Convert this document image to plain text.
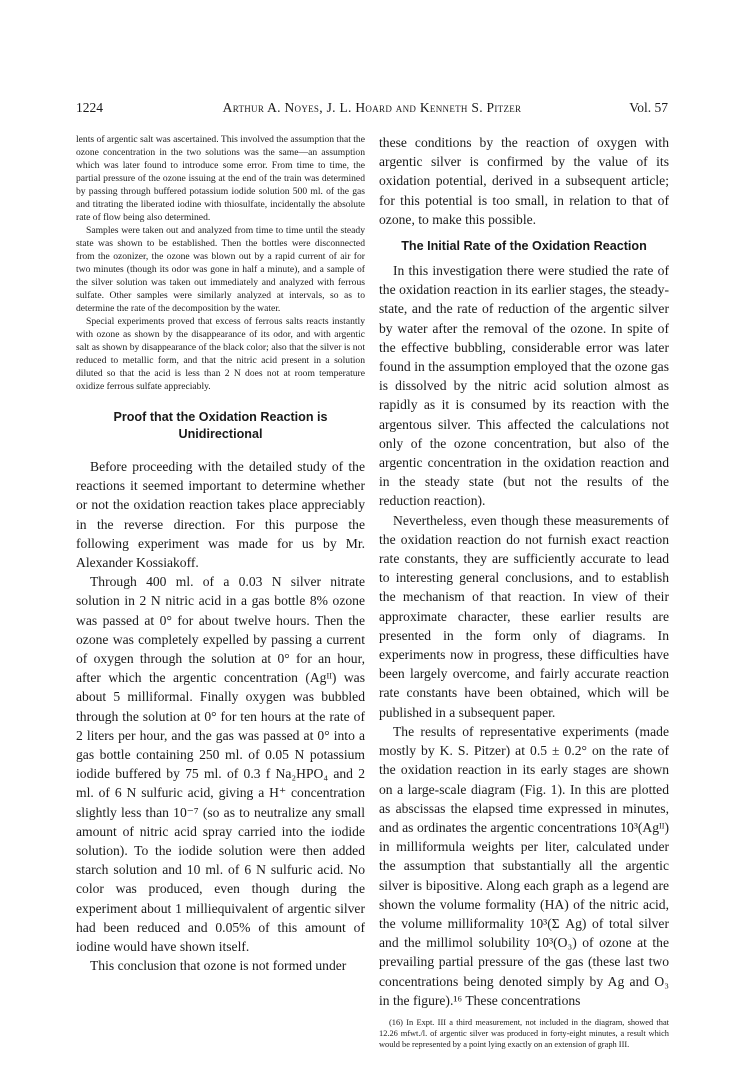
1224	Arthur A. Noyes, J. L. Hoard and Kenneth S. Pitzer	Vol. 57

lents of argentic salt was ascertained. This involved the assumption that the ozone concentration in the two solutions was the same—an assumption which was later found to introduce some error. From time to time, the partial pressure of the ozone issuing at the end of the train was determined by passing through buffered potassium iodide solution 500 ml. of the gas and titrating the liberated iodine with thiosulfate, incidentally the absolute rate of flow being also determined.

Samples were taken out and analyzed from time to time until the steady state was shown to be established. Then the bottles were disconnected from the ozonizer, the ozone was blown out by a rapid current of air for two minutes (though its odor was gone in half a minute), and a sample of the silver solution was taken out immediately and analyzed with ferrous sulfate. Other samples were similarly analyzed at intervals, so as to determine the rate of the decomposition by the water.

Special experiments proved that excess of ferrous salts reacts instantly with ozone as shown by the disappearance of its odor, and with argentic salt as shown by disappearance of the black color; also that the silver is not reduced to metallic form, and that the nitric acid present in a solution diluted so that the acid is less than 2 N does not at room temperature oxidize ferrous sulfate appreciably.

Proof that the Oxidation Reaction is Unidirectional

Before proceeding with the detailed study of the reactions it seemed important to determine whether or not the oxidation reaction takes place appreciably in the reverse direction. For this purpose the following experiment was made for us by Mr. Alexander Kossiakoff.

Through 400 ml. of a 0.03 N silver nitrate solution in 2 N nitric acid in a gas bottle 8% ozone was passed at 0° for about twelve hours. Then the ozone was completely expelled by passing a current of oxygen through the solution at 0° for an hour, after which the argentic concentration (Agᴵᴵ) was about 5 milliformal. Finally oxygen was bubbled through the solution at 0° for ten hours at the rate of 2 liters per hour, and the gas was passed at 0° into a gas bottle containing 250 ml. of 0.05 N potassium iodide buffered by 75 ml. of 0.3 f Na₂HPO₄ and 2 ml. of 6 N sulfuric acid, giving a H⁺ concentration slightly less than 10⁻⁷ (so as to neutralize any small amount of nitric acid spray carried into the iodide solution). To the iodide solution were then added starch solution and 10 ml. of 6 N sulfuric acid. No color was produced, even though during the experiment about 1 milliequivalent of argentic silver had been reduced and 0.05% of this amount of iodine would have shown itself.

This conclusion that ozone is not formed under

these conditions by the reaction of oxygen with argentic silver is confirmed by the value of its oxidation potential, derived in a subsequent article; for this potential is too small, in relation to that of ozone, to make this possible.

The Initial Rate of the Oxidation Reaction

In this investigation there were studied the rate of the oxidation reaction in its earlier stages, the steady-state, and the rate of reduction of the argentic silver by water after the removal of the ozone. In spite of the effective bubbling, considerable error was later found in the assumption employed that the ozone gas is dissolved by the nitric acid solution almost as rapidly as it is consumed by its reaction with the argentous silver. This affected the calculations not only of the ozone concentration, but also of the argentic concentration in the oxidation reaction and in the steady state (but not the results of the reduction reaction).

Nevertheless, even though these measurements of the oxidation reaction do not furnish exact reaction rate constants, they are sufficiently accurate to lead to interesting general conclusions, and to establish the mechanism of that reaction. In view of their approximate character, these earlier results are presented in the form only of diagrams. In experiments now in progress, these difficulties have been largely overcome, and fairly accurate reaction rate constants have been obtained, which will be published in a subsequent paper.

The results of representative experiments (made mostly by K. S. Pitzer) at 0.5 ± 0.2° on the rate of the oxidation reaction in its early stages are shown on a large-scale diagram (Fig. 1). In this are plotted as abscissas the elapsed time expressed in minutes, and as ordinates the argentic concentrations 10³(Agᴵᴵ) in milliformula weights per liter, calculated under the assumption that substantially all the argentic silver is bipositive. Along each graph as a legend are shown the volume formality (HA) of the nitric acid, the volume milliformality 10³(Σ Ag) of total silver and the millimol solubility 10³(O₃) of ozone at the prevailing partial pressure of the gas (these last two concentrations being denoted simply by Ag and O₃ in the figure).¹⁶ These concentrations

(16) In Expt. III a third measurement, not included in the diagram, showed that 12.26 mfwt./l. of argentic silver was produced in forty-eight minutes, a result which would be represented by a point lying exactly on an extension of graph III.
